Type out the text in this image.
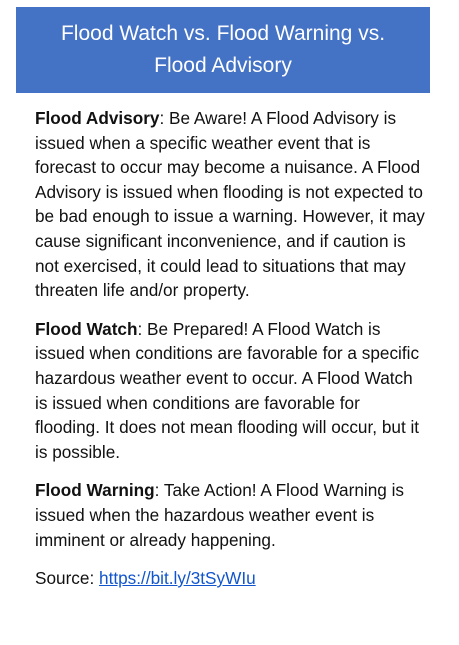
Flood Watch vs. Flood Warning vs. Flood Advisory

Flood Advisory: Be Aware! A Flood Advisory is issued when a specific weather event that is forecast to occur may become a nuisance. A Flood Advisory is issued when flooding is not expected to be bad enough to issue a warning. However, it may cause significant inconvenience, and if caution is not exercised, it could lead to situations that may threaten life and/or property.

Flood Watch: Be Prepared! A Flood Watch is issued when conditions are favorable for a specific hazardous weather event to occur. A Flood Watch is issued when conditions are favorable for flooding. It does not mean flooding will occur, but it is possible.

Flood Warning: Take Action! A Flood Warning is issued when the hazardous weather event is imminent or already happening.

Source: https://bit.ly/3tSyWIu
